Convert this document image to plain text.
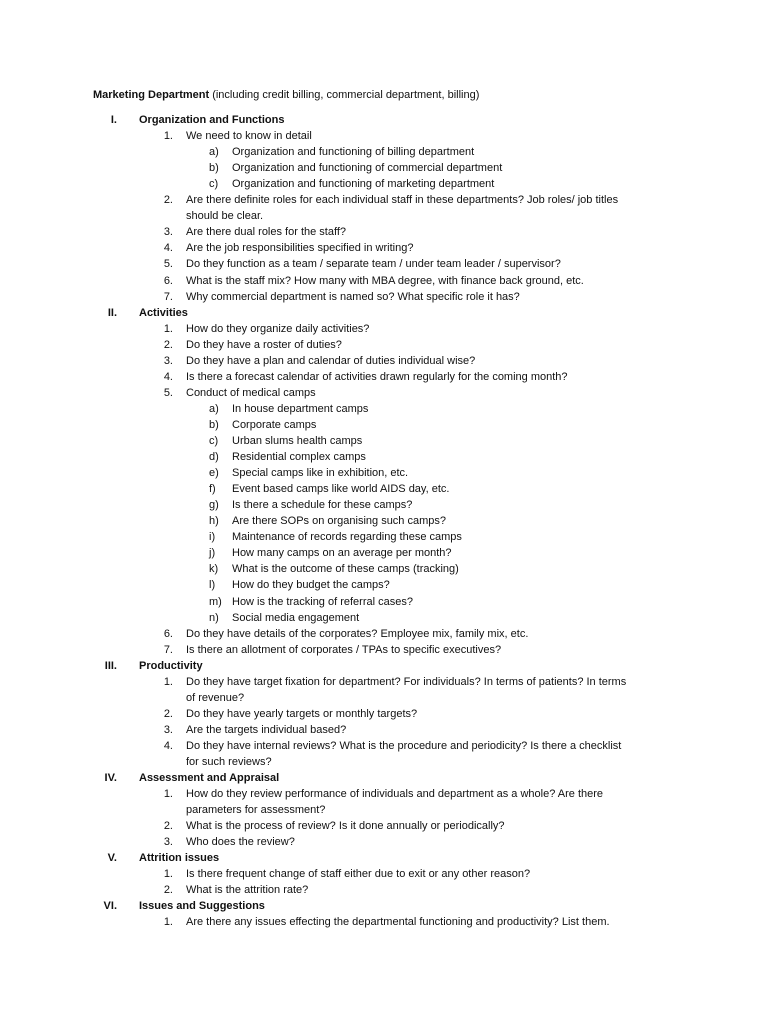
Marketing Department (including credit billing, commercial department, billing)
I. Organization and Functions
1. We need to know in detail
a) Organization and functioning of billing department
b) Organization and functioning of commercial department
c) Organization and functioning of marketing department
2. Are there definite roles for each individual staff in these departments? Job roles/ job titles
should be clear.
3. Are there dual roles for the staff?
4. Are the job responsibilities specified in writing?
5. Do they function as a team / separate team / under team leader / supervisor?
6. What is the staff mix? How many with MBA degree, with finance back ground, etc.
7. Why commercial department is named so? What specific role it has?
II. Activities
1. How do they organize daily activities?
2. Do they have a roster of duties?
3. Do they have a plan and calendar of duties individual wise?
4. Is there a forecast calendar of activities drawn regularly for the coming month?
5. Conduct of medical camps
a) In house department camps
b) Corporate camps
c) Urban slums health camps
d) Residential complex camps
e) Special camps like in exhibition, etc.
f) Event based camps like world AIDS day, etc.
g) Is there a schedule for these camps?
h) Are there SOPs on organising such camps?
i) Maintenance of records regarding these camps
j) How many camps on an average per month?
k) What is the outcome of these camps (tracking)
l) How do they budget the camps?
m) How is the tracking of referral cases?
n) Social media engagement
6. Do they have details of the corporates? Employee mix, family mix, etc.
7. Is there an allotment of corporates / TPAs to specific executives?
III. Productivity
1. Do they have target fixation for department? For individuals? In terms of patients? In terms
of revenue?
2. Do they have yearly targets or monthly targets?
3. Are the targets individual based?
4. Do they have internal reviews? What is the procedure and periodicity? Is there a checklist
for such reviews?
IV. Assessment and Appraisal
1. How do they review performance of individuals and department as a whole? Are there
parameters for assessment?
2. What is the process of review? Is it done annually or periodically?
3. Who does the review?
V. Attrition issues
1. Is there frequent change of staff either due to exit or any other reason?
2. What is the attrition rate?
VI. Issues and Suggestions
1. Are there any issues effecting the departmental functioning and productivity? List them.
